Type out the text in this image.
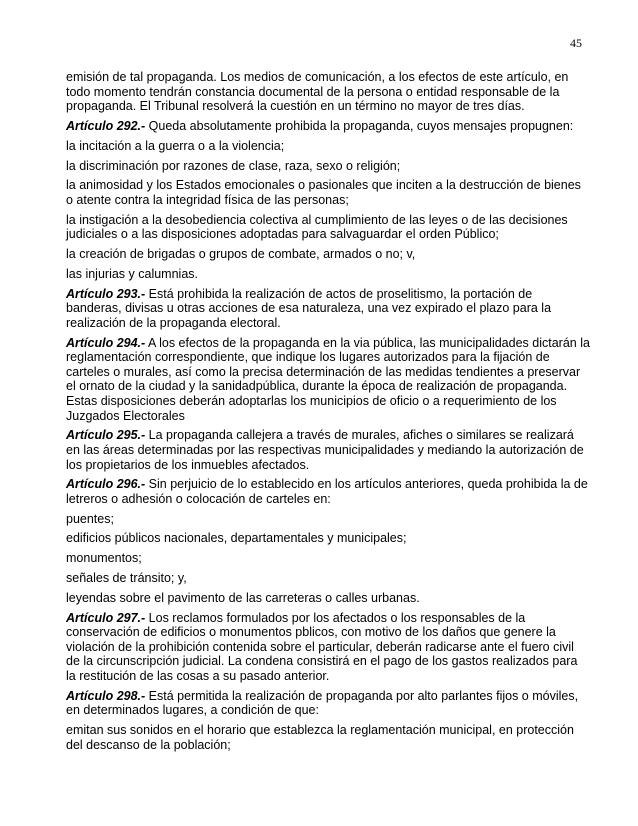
45

emisión de tal propaganda. Los medios de comunicación, a los efectos de este artículo, en todo momento tendrán constancia documental de la persona o entidad responsable de la propaganda. El Tribunal resolverá la cuestión en un término no mayor de tres días.

Artículo 292.- Queda absolutamente prohibida la propaganda, cuyos mensajes propugnen:

la incitación a la guerra o a la violencia;

la discriminación por razones de clase, raza, sexo o religión;

la animosidad y los Estados emocionales o pasionales que inciten a la destrucción de bienes o atente contra la integridad física de las personas;

la instigación a la desobediencia colectiva al cumplimiento de las leyes o de las decisiones judiciales o a las disposiciones adoptadas para salvaguardar el orden Público;

la creación de brigadas o grupos de combate, armados o no; v,

las injurias y calumnias.

Artículo 293.- Está prohibida la realización de actos de proselitismo, la portación de banderas, divisas u otras acciones de esa naturaleza, una vez expirado el plazo para la realización de la propaganda electoral.

Artículo 294.- A los efectos de la propaganda en la via pública, las municipalidades dictarán la reglamentación correspondiente, que indique los lugares autorizados para la fijación de carteles o murales, así como la precisa determinación de las medidas tendientes a preservar el ornato de la ciudad y la sanidadpública, durante la época de realización de propaganda. Estas disposiciones deberán adoptarlas los municipios de oficio o a requerimiento de los Juzgados Electorales

Artículo 295.- La propaganda callejera a través de murales, afiches o similares se realizará en las áreas determinadas por las respectivas municipalidades y mediando la autorización de los propietarios de los inmuebles afectados.

Artículo 296.- Sin perjuicio de lo establecido en los artículos anteriores, queda prohibida la de letreros o adhesión o colocación de carteles en:

puentes;

edificios públicos nacionales, departamentales y municipales;

monumentos;

señales de tránsito; y,

leyendas sobre el pavimento de las carreteras o calles urbanas.

Artículo 297.- Los reclamos formulados por los afectados o los responsables de la conservación de edificios o monumentos pblicos, con motivo de los daños que genere la violación de la prohibición contenida sobre el particular, deberán radicarse ante el fuero civil de la circunscripción judicial. La condena consistirá en el pago de los gastos realizados para la restitución de las cosas a su pasado anterior.

Artículo 298.- Está permitida la realización de propaganda por alto parlantes fijos o móviles, en determinados lugares, a condición de que:

emitan sus sonidos en el horario que establezca la reglamentación municipal, en protección del descanso de la población;
